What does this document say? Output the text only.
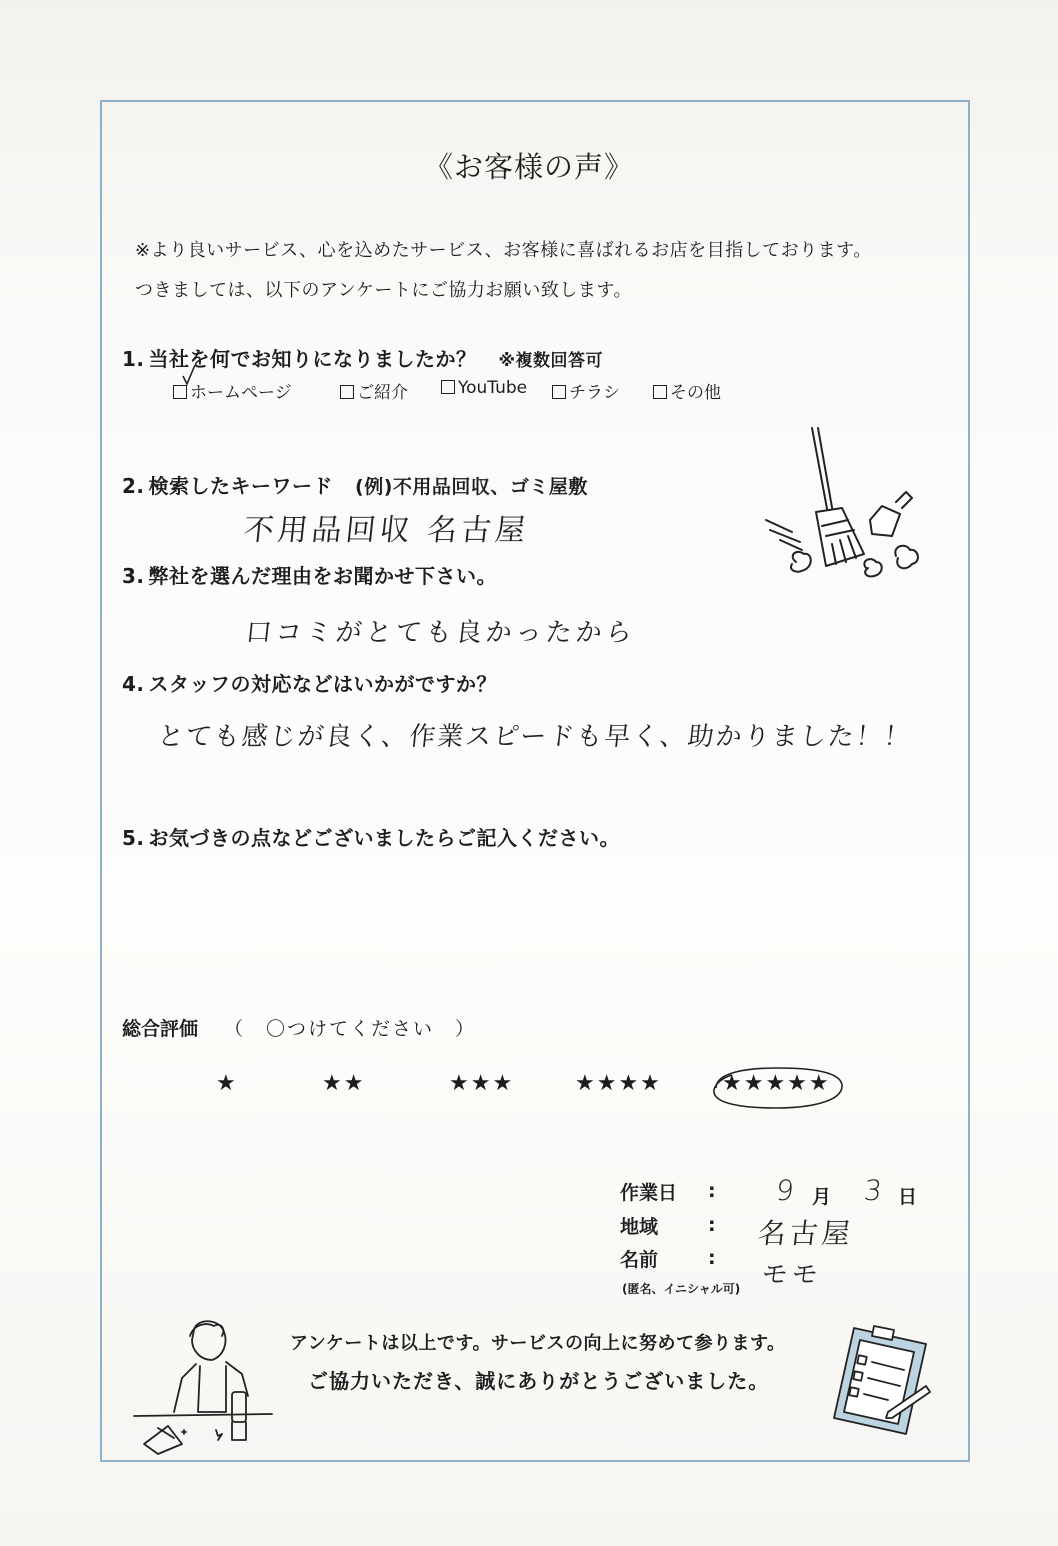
《お客様の声》
※より良いサービス、心を込めたサービス、お客様に喜ばれるお店を目指しております。
つきましては、以下のアンケートにご協力お願い致します。
1. 当社を何でお知りになりましたか？ ※複数回答可
ホームページ	ご紹介	YouTube	チラシ	その他
2. 検索したキーワード (例)不用品回収、ゴミ屋敷
不用品回収 名古屋
3. 弊社を選んだ理由をお聞かせ下さい。
口コミがとても良かったから
4. スタッフの対応などはいかがですか？
とても感じが良く、作業スピードも早く、助かりました！！
5. お気づきの点などございましたらご記入ください。
総合評価 （　〇つけてください　）
★	★★	★★★	★★★★	★★★★★
作業日 : 9 月 3 日
地域	: 名古屋
名前	:
モモ
(匿名、イニシャル可)
アンケートは以上です。サービスの向上に努めて参ります。
ご協力いただき、誠にありがとうございました。
